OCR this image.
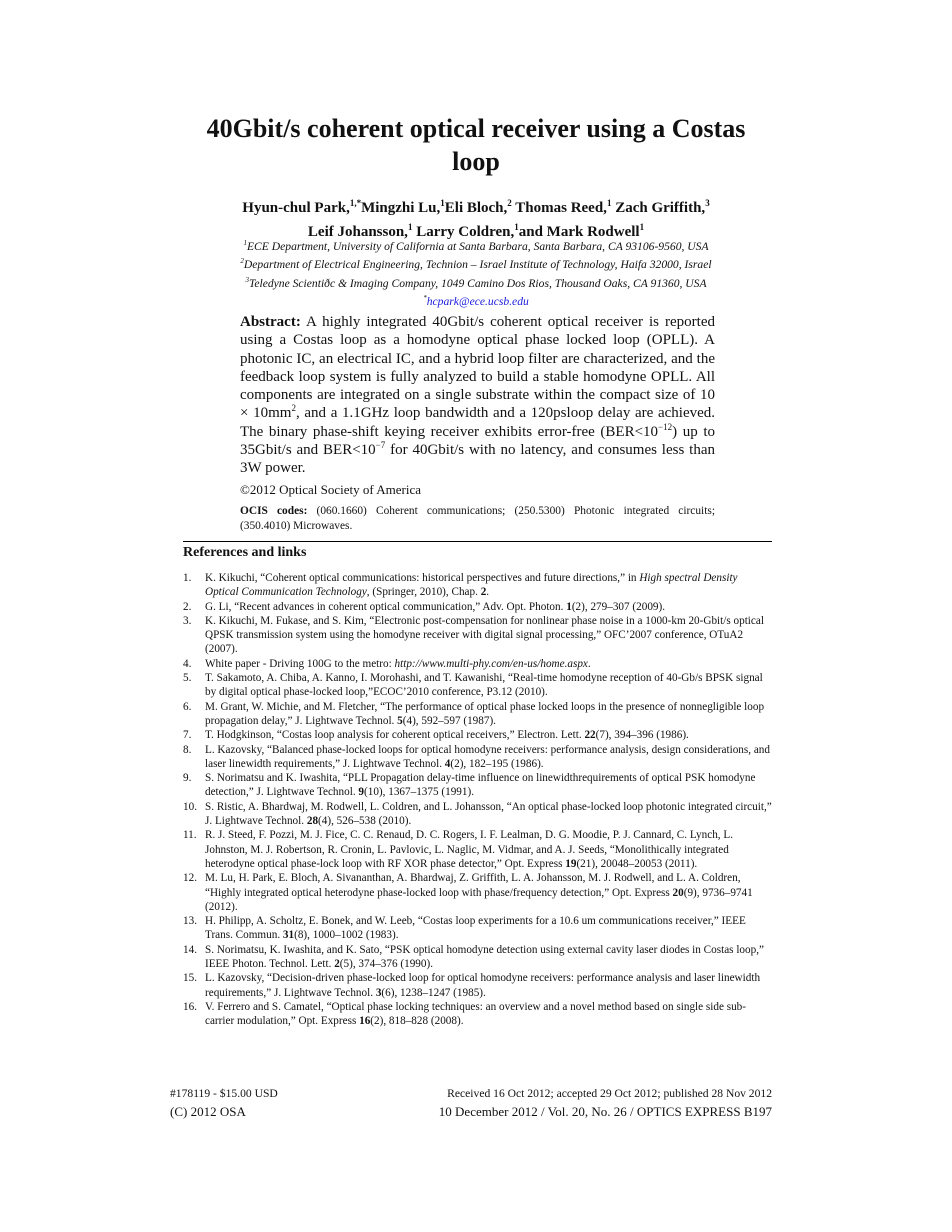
40Gbit/s coherent optical receiver using a Costas
loop
Hyun-chul Park,$^{1,*}$Mingzhi Lu,$^1$Eli Bloch,$^2$ Thomas Reed,$^1$ Zach Griffith,$^3$
Leif Johansson,$^1$ Larry Coldren,$^1$and Mark Rodwell$^1$
$^1$ECE Department, University of California at Santa Barbara, Santa Barbara, CA 93106-9560, USA
$^2$Department of Electrical Engineering, Technion – Israel Institute of Technology, Haifa 32000, Israel
$^3$Teledyne Scientiðc & Imaging Company, 1049 Camino Dos Rios, Thousand Oaks, CA 91360, USA
*hcpark@ece.ucsb.edu
Abstract: A highly integrated 40Gbit/s coherent optical receiver is reported using a Costas loop as a homodyne optical phase locked loop (OPLL). A photonic IC, an electrical IC, and a hybrid loop filter are characterized, and the feedback loop system is fully analyzed to build a stable homodyne OPLL. All components are integrated on a single substrate within the compact size of $10 \times 10mm^2$, and a 1.1GHz loop bandwidth and a 120psloop delay are achieved. The binary phase-shift keying receiver exhibits error-free $(BER<10^{-12})$ up to 35Gbit/s and $BER<10^{-7}$ for 40Gbit/s with no latency, and consumes less than 3W power.
©2012 Optical Society of America
OCIS codes: (060.1660) Coherent communications; (250.5300) Photonic integrated circuits; (350.4010) Microwaves.
References and links
1.	K. Kikuchi, “Coherent optical communications: historical perspectives and future directions,” in High spectral Density Optical Communication Technology, (Springer, 2010), Chap. 2.
2.	G. Li, “Recent advances in coherent optical communication,” Adv. Opt. Photon. 1(2), 279–307 (2009).
3.	K. Kikuchi, M. Fukase, and S. Kim, “Electronic post-compensation for nonlinear phase noise in a 1000-km 20-Gbit/s optical QPSK transmission system using the homodyne receiver with digital signal processing,” OFC’2007 conference, OTuA2 (2007).
4.	White paper - Driving 100G to the metro: http://www.multi-phy.com/en-us/home.aspx.
5.	T. Sakamoto, A. Chiba, A. Kanno, I. Morohashi, and T. Kawanishi, “Real-time homodyne reception of 40-Gb/s BPSK signal by digital optical phase-locked loop,”ECOC’2010 conference, P3.12 (2010).
6.	M. Grant, W. Michie, and M. Fletcher, “The performance of optical phase locked loops in the presence of nonnegligible loop propagation delay,” J. Lightwave Technol. 5(4), 592–597 (1987).
7.	T. Hodgkinson, “Costas loop analysis for coherent optical receivers,” Electron. Lett. 22(7), 394–396 (1986).
8.	L. Kazovsky, “Balanced phase-locked loops for optical homodyne receivers: performance analysis, design considerations, and laser linewidth requirements,” J. Lightwave Technol. 4(2), 182–195 (1986).
9.	S. Norimatsu and K. Iwashita, “PLL Propagation delay-time influence on linewidthrequirements of optical PSK homodyne detection,” J. Lightwave Technol. 9(10), 1367–1375 (1991).
10. S. Ristic, A. Bhardwaj, M. Rodwell, L. Coldren, and L. Johansson, “An optical phase-locked loop photonic integrated circuit,” J. Lightwave Technol. 28(4), 526–538 (2010).
11. R. J. Steed, F. Pozzi, M. J. Fice, C. C. Renaud, D. C. Rogers, I. F. Lealman, D. G. Moodie, P. J. Cannard, C. Lynch, L. Johnston, M. J. Robertson, R. Cronin, L. Pavlovic, L. Naglic, M. Vidmar, and A. J. Seeds, “Monolithically integrated heterodyne optical phase-lock loop with RF XOR phase detector,” Opt. Express 19(21), 20048–20053 (2011).
12. M. Lu, H. Park, E. Bloch, A. Sivananthan, A. Bhardwaj, Z. Griffith, L. A. Johansson, M. J. Rodwell, and L. A. Coldren, “Highly integrated optical heterodyne phase-locked loop with phase/frequency detection,” Opt. Express 20(9), 9736–9741 (2012).
13. H. Philipp, A. Scholtz, E. Bonek, and W. Leeb, “Costas loop experiments for a 10.6 um communications receiver,” IEEE Trans. Commun. 31(8), 1000–1002 (1983).
14. S. Norimatsu, K. Iwashita, and K. Sato, “PSK optical homodyne detection using external cavity laser diodes in Costas loop,” IEEE Photon. Technol. Lett. 2(5), 374–376 (1990).
15. L. Kazovsky, “Decision-driven phase-locked loop for optical homodyne receivers: performance analysis and laser linewidth requirements,” J. Lightwave Technol. 3(6), 1238–1247 (1985).
16. V. Ferrero and S. Camatel, “Optical phase locking techniques: an overview and a novel method based on single side sub-carrier modulation,” Opt. Express 16(2), 818–828 (2008).
#178119 - $15.00 USD	Received 16 Oct 2012; accepted 29 Oct 2012; published 28 Nov 2012
(C) 2012 OSA	10 December 2012 / Vol. 20, No. 26 / OPTICS EXPRESS B197
